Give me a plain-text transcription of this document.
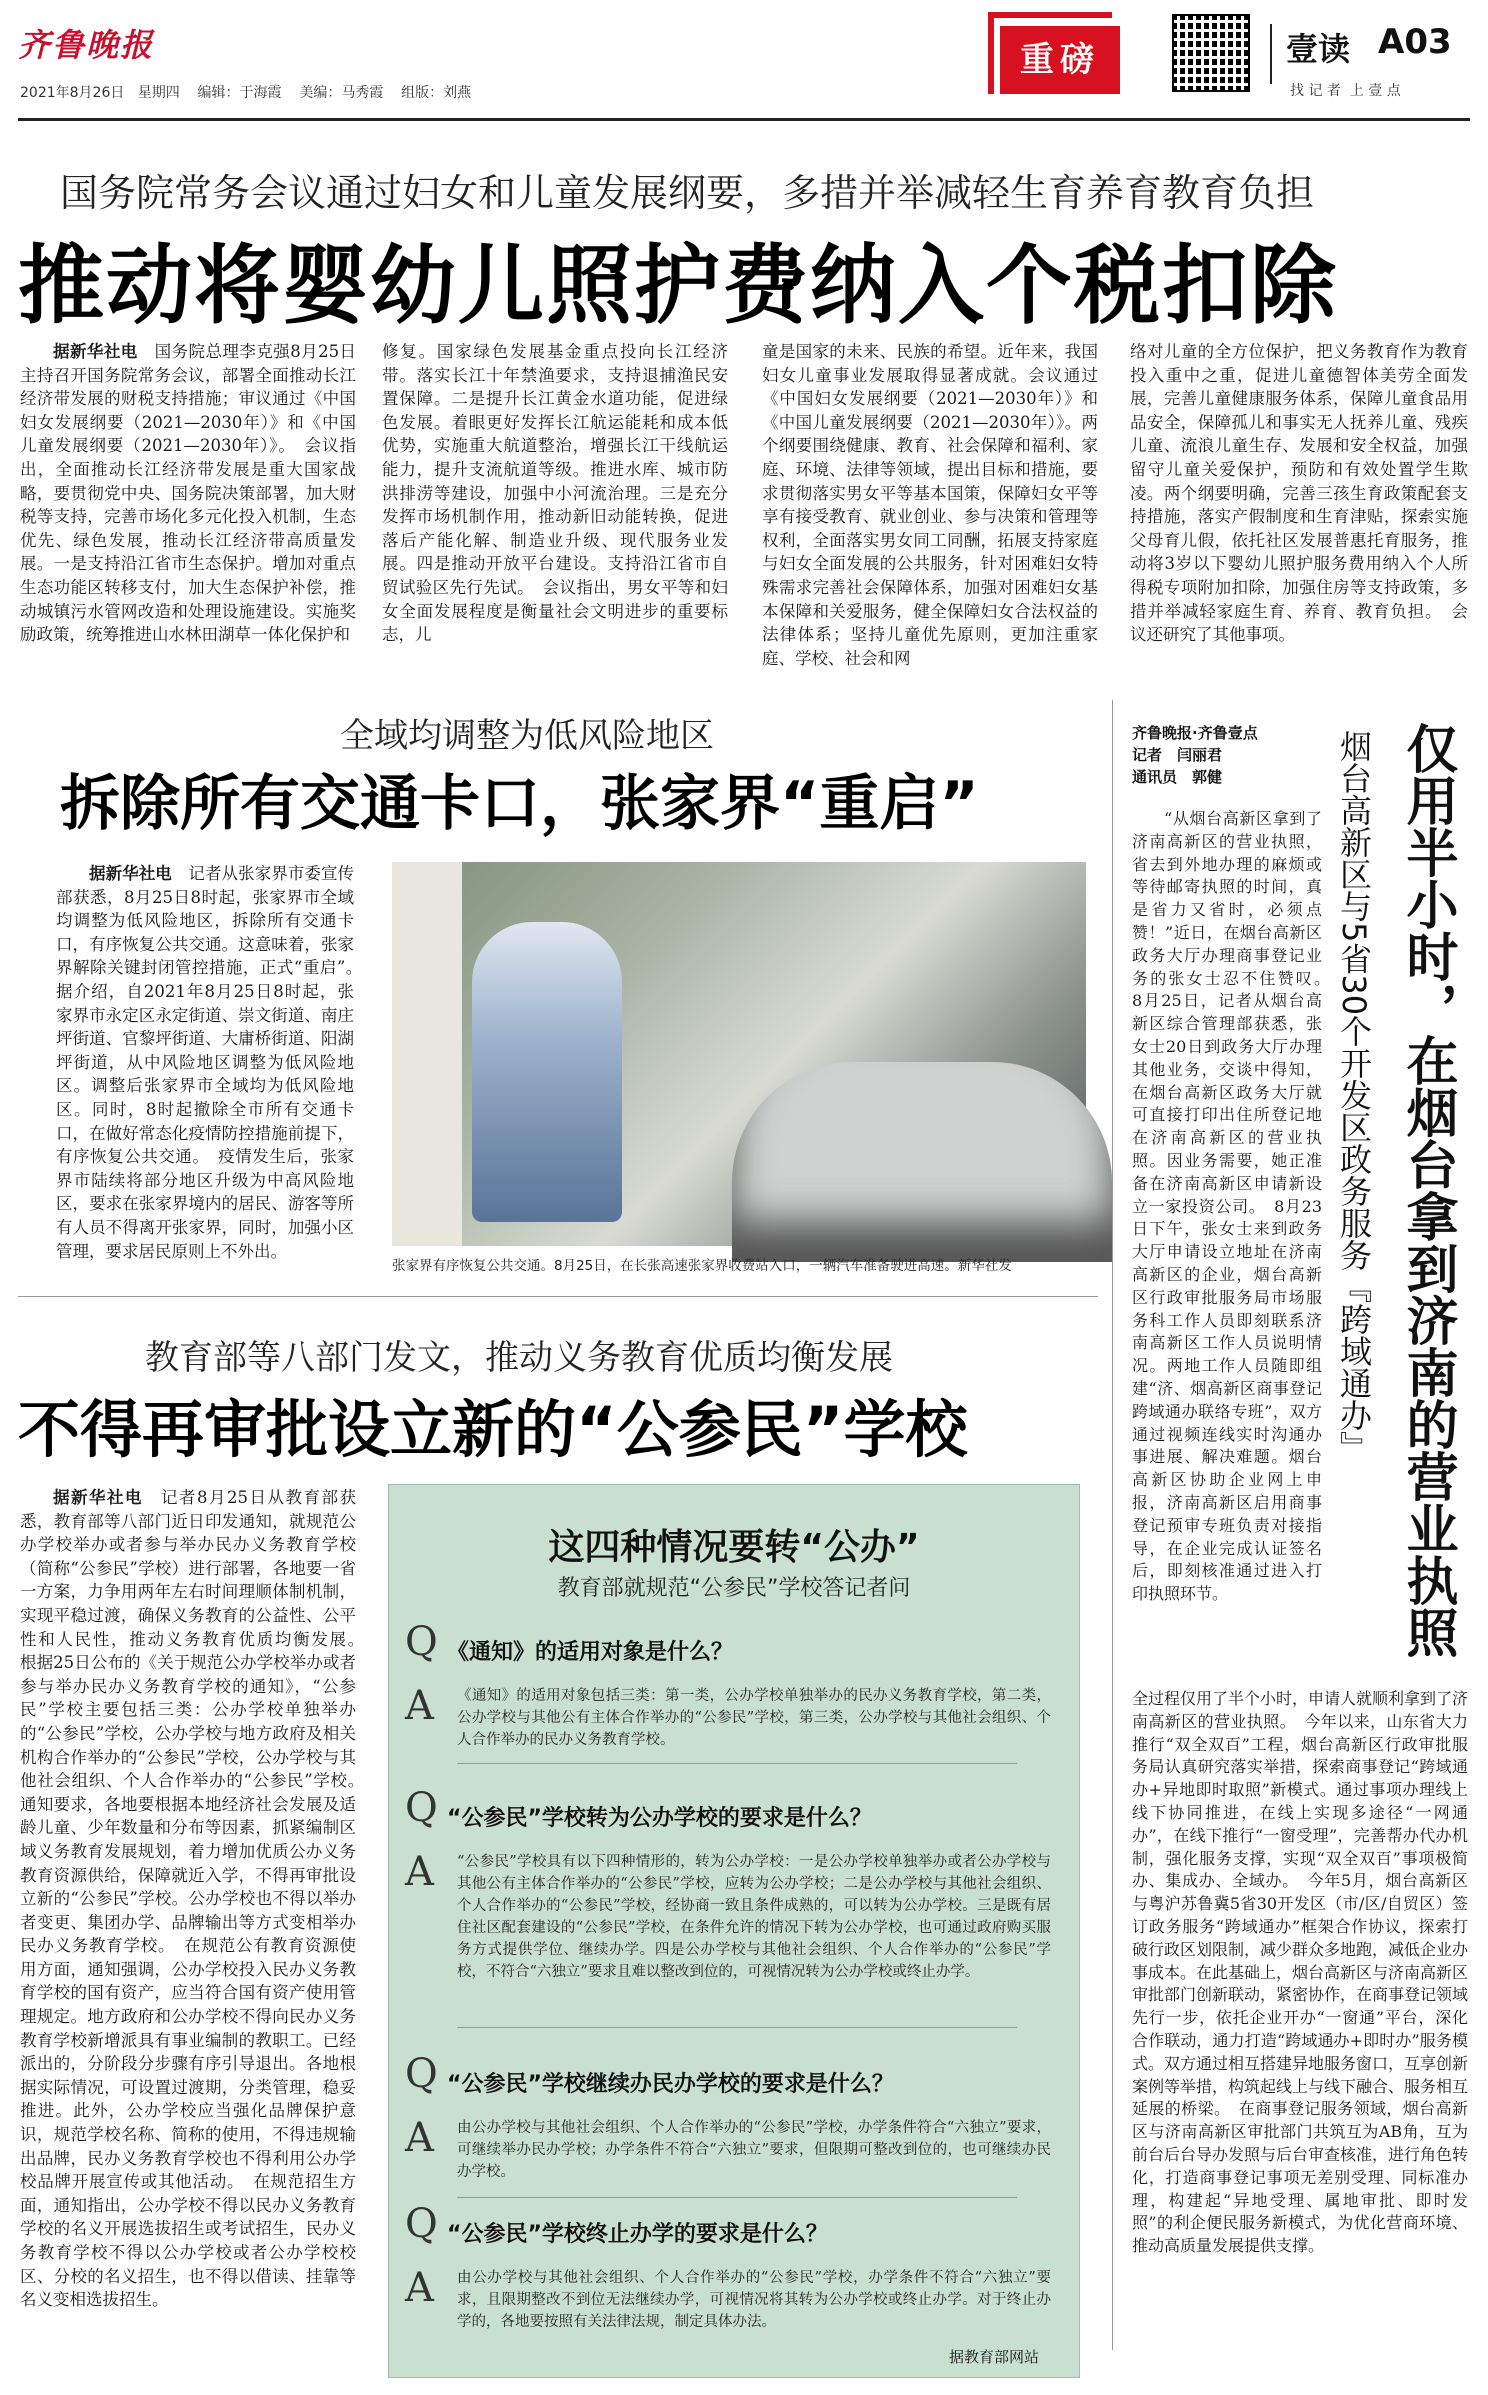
齐鲁晚报
2021年8月26日 星期四 编辑：于海霞 美编：马秀霞 组版：刘燕
重磅	壹读 A03
找 记 者  上 壹 点
国务院常务会议通过妇女和儿童发展纲要，多措并举减轻生育养育教育负担
推动将婴幼儿照护费纳入个税扣除

据新华社电　 国务院总理李克强8月25日主持召开国务院常务会议，部署全面推动长江经济带发展的财税支持措施；审议通过《中国妇女发展纲要（2021—2030年）》和《中国儿童发展纲要（2021—2030年）》。　会议指出，全面推动长江经济带发展是重大国家战略，要贯彻党中央、国务院决策部署，加大财税等支持，完善市场化多元化投入机制，生态优先、绿色发展，推动长江经济带高质量发展。一是支持沿江省市生态保护。增加对重点生态功能区转移支付，加大生态保护补偿，推动城镇污水管网改造和处理设施建设。实施奖励政策，统筹推进山水林田湖草一体化保护和

修复。国家绿色发展基金重点投向长江经济带。落实长江十年禁渔要求，支持退捕渔民安置保障。二是提升长江黄金水道功能，促进绿色发展。着眼更好发挥长江航运能耗和成本低优势，实施重大航道整治，增强长江干线航运能力，提升支流航道等级。推进水库、城市防洪排涝等建设，加强中小河流治理。三是充分发挥市场机制作用，推动新旧动能转换，促进落后产能化解、制造业升级、现代服务业发展。四是推动开放平台建设。支持沿江省市自贸试验区先行先试。　会议指出，男女平等和妇女全面发展程度是衡量社会文明进步的重要标志，儿

童是国家的未来、民族的希望。近年来，我国妇女儿童事业发展取得显著成就。会议通过《中国妇女发展纲要（2021—2030年）》和《中国儿童发展纲要（2021—2030年）》。两个纲要围绕健康、教育、社会保障和福利、家庭、环境、法律等领域，提出目标和措施，要求贯彻落实男女平等基本国策，保障妇女平等享有接受教育、就业创业、参与决策和管理等权利，全面落实男女同工同酬，拓展支持家庭与妇女全面发展的公共服务，针对困难妇女特殊需求完善社会保障体系，加强对困难妇女基本保障和关爱服务，健全保障妇女合法权益的法律体系；坚持儿童优先原则，更加注重家庭、学校、社会和网

络对儿童的全方位保护，把义务教育作为教育投入重中之重，促进儿童德智体美劳全面发展，完善儿童健康服务体系，保障儿童食品用品安全，保障孤儿和事实无人抚养儿童、残疾儿童、流浪儿童生存、发展和安全权益，加强留守儿童关爱保护，预防和有效处置学生欺凌。两个纲要明确，完善三孩生育政策配套支持措施，落实产假制度和生育津贴，探索实施父母育儿假，依托社区发展普惠托育服务，推动将3岁以下婴幼儿照护服务费用纳入个人所得税专项附加扣除，加强住房等支持政策，多措并举减轻家庭生育、养育、教育负担。　会议还研究了其他事项。

全域均调整为低风险地区
拆除所有交通卡口，张家界“重启”

据新华社电　 记者从张家界市委宣传部获悉，8月25日8时起，张家界市全域均调整为低风险地区，拆除所有交通卡口，有序恢复公共交通。这意味着，张家界解除关键封闭管控措施，正式“重启”。　据介绍，自2021年8月25日8时起，张家界市永定区永定街道、崇文街道、南庄坪街道、官黎坪街道、大庸桥街道、阳湖坪街道，从中风险地区调整为低风险地区。调整后张家界市全域均为低风险地区。同时，8时起撤除全市所有交通卡口，在做好常态化疫情防控措施前提下，有序恢复公共交通。　疫情发生后，张家界市陆续将部分地区升级为中高风险地区，要求在张家界境内的居民、游客等所有人员不得离开张家界，同时，加强小区管理，要求居民原则上不外出。

张家界有序恢复公共交通。8月25日，在长张高速张家界收费站入口，一辆汽车准备驶进高速。新华社发
教育部等八部门发文，推动义务教育优质均衡发展
不得再审批设立新的“公参民”学校

据新华社电　 记者8月25日从教育部获悉，教育部等八部门近日印发通知，就规范公办学校举办或者参与举办民办义务教育学校（简称“公参民”学校）进行部署，各地要一省一方案，力争用两年左右时间理顺体制机制，实现平稳过渡，确保义务教育的公益性、公平性和人民性，推动义务教育优质均衡发展。　根据25日公布的《关于规范公办学校举办或者参与举办民办义务教育学校的通知》，“公参民”学校主要包括三类：公办学校单独举办的“公参民”学校，公办学校与地方政府及相关机构合作举办的“公参民”学校，公办学校与其他社会组织、个人合作举办的“公参民”学校。　通知要求，各地要根据本地经济社会发展及适龄儿童、少年数量和分布等因素，抓紧编制区域义务教育发展规划，着力增加优质公办义务教育资源供给，保障就近入学，不得再审批设立新的“公参民”学校。公办学校也不得以举办者变更、集团办学、品牌输出等方式变相举办民办义务教育学校。　在规范公有教育资源使用方面，通知强调，公办学校投入民办义务教育学校的国有资产，应当符合国有资产使用管理规定。地方政府和公办学校不得向民办义务教育学校新增派具有事业编制的教职工。已经派出的，分阶段分步骤有序引导退出。各地根据实际情况，可设置过渡期，分类管理，稳妥推进。此外，公办学校应当强化品牌保护意识，规范学校名称、简称的使用，不得违规输出品牌，民办义务教育学校也不得利用公办学校品牌开展宣传或其他活动。　在规范招生方面，通知指出，公办学校不得以民办义务教育学校的名义开展选拔招生或考试招生，民办义务教育学校不得以公办学校或者公办学校校区、分校的名义招生，也不得以借读、挂靠等名义变相选拔招生。

这四种情况要转“公办”
教育部就规范“公参民”学校答记者问
Q 《通知》的适用对象是什么？
A 《通知》的适用对象包括三类：第一类，公办学校单独举办的民办义务教育学校，第二类，公办学校与其他公有主体合作举办的“公参民”学校，第三类，公办学校与其他社会组织、个人合作举办的民办义务教育学校。
Q “公参民”学校转为公办学校的要求是什么？
A “公参民”学校具有以下四种情形的，转为公办学校：一是公办学校单独举办或者公办学校与其他公有主体合作举办的“公参民”学校，应转为公办学校；二是公办学校与其他社会组织、个人合作举办的“公参民”学校，经协商一致且条件成熟的，可以转为公办学校。三是既有居住社区配套建设的“公参民”学校，在条件允许的情况下转为公办学校，也可通过政府购买服务方式提供学位、继续办学。四是公办学校与其他社会组织、个人合作举办的“公参民”学校，不符合“六独立”要求且难以整改到位的，可视情况转为公办学校或终止办学。
Q “公参民”学校继续办民办学校的要求是什么？
A 由公办学校与其他社会组织、个人合作举办的“公参民”学校，办学条件符合“六独立”要求，可继续举办民办学校；办学条件不符合“六独立”要求，但限期可整改到位的，也可继续办民办学校。
Q “公参民”学校终止办学的要求是什么？
A 由公办学校与其他社会组织、个人合作举办的“公参民”学校，办学条件不符合“六独立”要求，且限期整改不到位无法继续办学，可视情况将其转为公办学校或终止办学。对于终止办学的，各地要按照有关法律法规，制定具体办法。
据教育部网站
齐鲁晚报·齐鲁壹点
记者　闫丽君
通讯员　郭健	仅用半小时，在烟台拿到济南的营业执照
烟台高新区与5省30个开发区政务服务『跨域通办』

“从烟台高新区拿到了济南高新区的营业执照，省去到外地办理的麻烦或等待邮寄执照的时间，真是省力又省时，必须点赞！”近日，在烟台高新区政务大厅办理商事登记业务的张女士忍不住赞叹。　8月25日，记者从烟台高新区综合管理部获悉，张女士20日到政务大厅办理其他业务，交谈中得知，在烟台高新区政务大厅就可直接打印出住所登记地在济南高新区的营业执照。因业务需要，她正准备在济南高新区申请新设立一家投资公司。　8月23日下午，张女士来到政务大厅申请设立地址在济南高新区的企业，烟台高新区行政审批服务局市场服务科工作人员即刻联系济南高新区工作人员说明情况。两地工作人员随即组建“济、烟高新区商事登记跨域通办联络专班”，双方通过视频连线实时沟通办事进展、解决难题。烟台高新区协助企业网上申报，济南高新区启用商事登记预审专班负责对接指导，在企业完成认证签名后，即刻核准通过进入打印执照环节。

全过程仅用了半个小时，申请人就顺利拿到了济南高新区的营业执照。　今年以来，山东省大力推行“双全双百”工程，烟台高新区行政审批服务局认真研究落实举措，探索商事登记“跨域通办+异地即时取照”新模式。通过事项办理线上线下协同推进，在线上实现多途径“一网通办”，在线下推行“一窗受理”，完善帮办代办机制，强化服务支撑，实现“双全双百”事项极简办、集成办、全域办。　今年5月，烟台高新区与粤沪苏鲁冀5省30开发区（市/区/自贸区）签订政务服务“跨域通办”框架合作协议，探索打破行政区划限制，减少群众多地跑，减低企业办事成本。在此基础上，烟台高新区与济南高新区审批部门创新联动，紧密协作，在商事登记领域先行一步，依托企业开办“一窗通”平台，深化合作联动，通力打造“跨域通办+即时办”服务模式。双方通过相互搭建异地服务窗口，互享创新案例等举措，构筑起线上与线下融合、服务相互延展的桥梁。　在商事登记服务领域，烟台高新区与济南高新区审批部门共筑互为AB角，互为前台后台导办发照与后台审查核准，进行角色转化，打造商事登记事项无差别受理、同标准办理，构建起“异地受理、属地审批、即时发照”的利企便民服务新模式，为优化营商环境、推动高质量发展提供支撑。
